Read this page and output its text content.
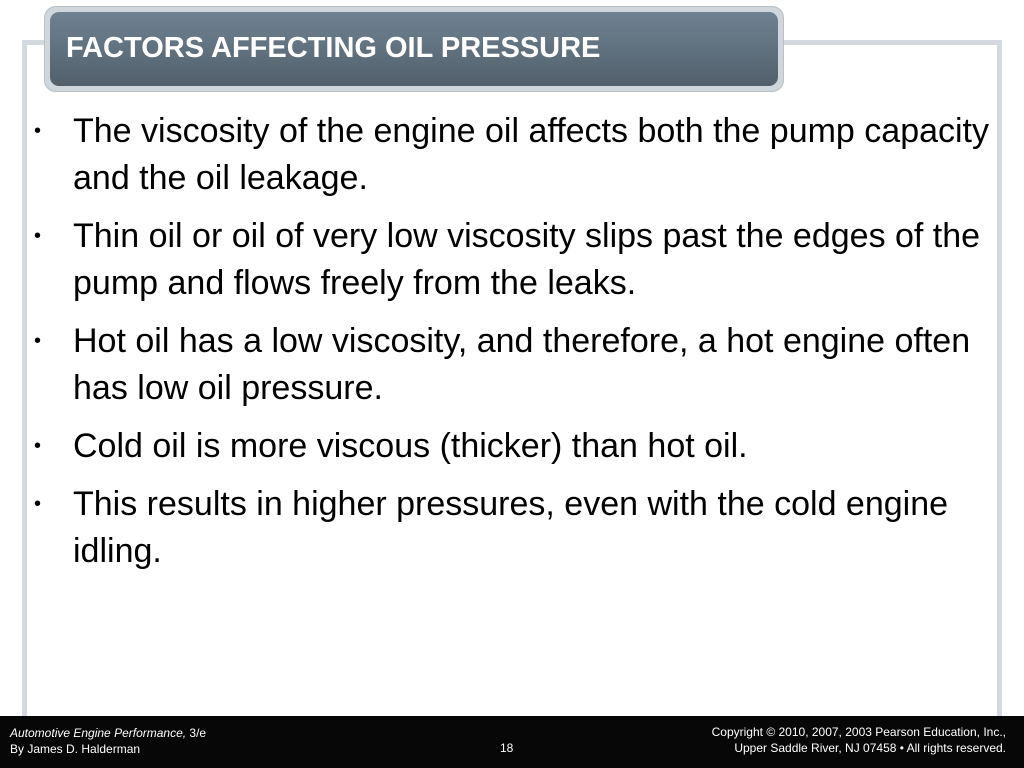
FACTORS AFFECTING OIL PRESSURE
• The viscosity of the engine oil affects both the pump capacity and the oil leakage.
• Thin oil or oil of very low viscosity slips past the edges of the pump and flows freely from the leaks.
• Hot oil has a low viscosity, and therefore, a hot engine often has low oil pressure.
• Cold oil is more viscous (thicker) than hot oil.
• This results in higher pressures, even with the cold engine idling.
Automotive Engine Performance, 3/e
By James D. Halderman	18
Copyright © 2010, 2007, 2003 Pearson Education, Inc.,
Upper Saddle River, NJ 07458 • All rights reserved.
